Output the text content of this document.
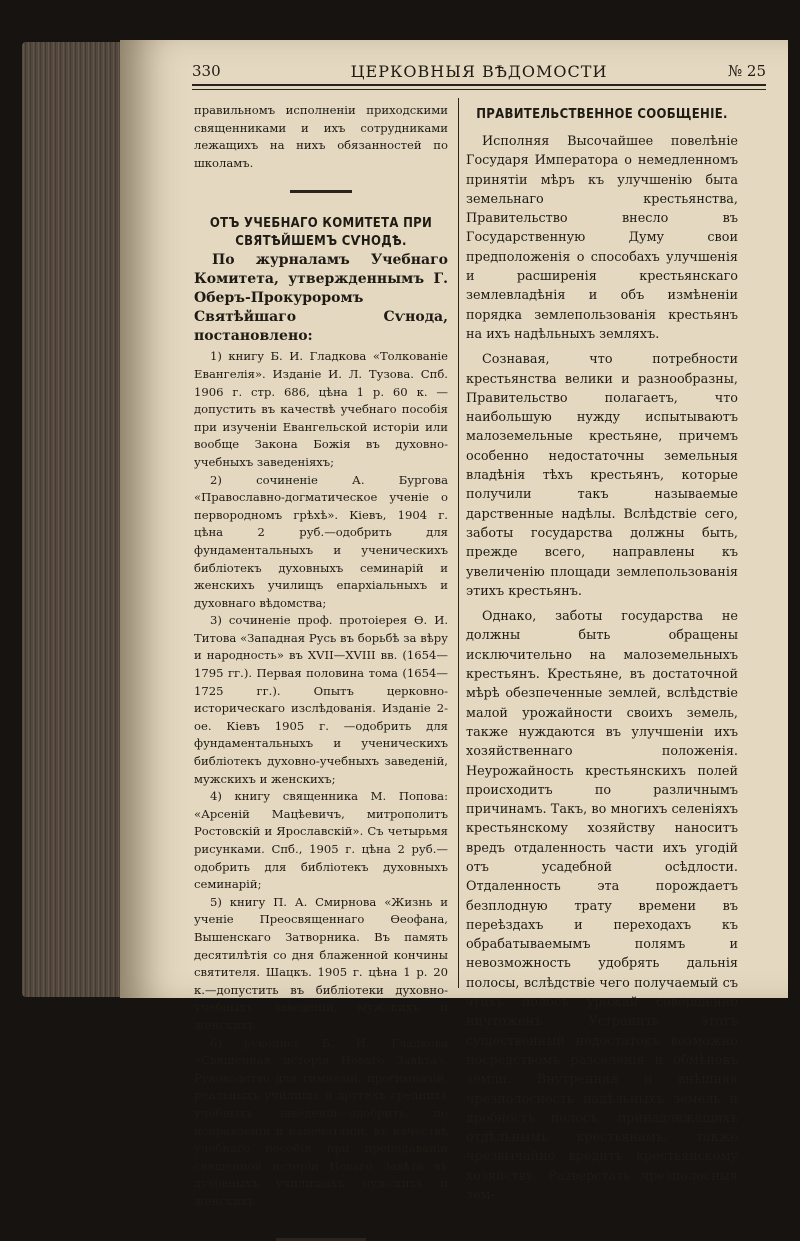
330	ЦЕРКОВНЫЯ ВѢДОМОСТИ	№ 25

правильномъ исполненіи приходскими священниками и ихъ сотрудниками лежащихъ на нихъ обязанностей по школамъ.

ОТЪ УЧЕБНАГО КОМИТЕТА ПРИ СВЯТѢЙШЕМЪ СѴНОДѢ.

По журналамъ Учебнаго Комитета, утвержденнымъ Г. Оберъ-Прокуроромъ Святѣйшаго Сѵнода, постановлено:

1) книгу Б. И. Гладкова «Толкованіе Евангелія». Изданіе И. Л. Тузова. Спб. 1906 г. стр. 686, цѣна 1 р. 60 к. — допустить въ качествѣ учебнаго пособія при изученіи Евангельской исторіи или вообще Закона Божія въ духовно-учебныхъ заведеніяхъ;

2) сочиненіе А. Бургова «Православно-догматическое ученіе о первородномъ грѣхѣ». Кіевъ, 1904 г. цѣна 2 руб.—одобрить для фундаментальныхъ и ученическихъ библіотекъ духовныхъ семинарій и женскихъ училищъ епархіальныхъ и духовнаго вѣдомства;

3) сочиненіе проф. протоіерея Ѳ. И. Титова «Западная Русь въ борьбѣ за вѣру и народность» въ XVII—XVIII вв. (1654—1795 гг.). Первая половина тома (1654—1725 гг.). Опытъ церковно-историческаго изслѣдованія. Изданіе 2-ое. Кіевъ 1905 г. —одобрить для фундаментальныхъ и ученическихъ библіотекъ духовно-учебныхъ заведеній, мужскихъ и женскихъ;

4) книгу священника М. Попова: «Арсеній Мацѣевичъ, митрополитъ Ростовскій и Ярославскій». Съ четырьмя рисунками. Спб., 1905 г. цѣна 2 руб.—одобрить для библіотекъ духовныхъ семинарій;

5) книгу П. А. Смирнова «Жизнь и ученіе Преосвященнаго Ѳеофана, Вышенскаго Затворника. Въ память десятилѣтія со дня блаженной кончины святителя. Шацкъ. 1905 г. цѣна 1 р. 20 к.—допустить въ библіотеки духовно-учебныхъ заведеній, мужскихъ и женскихъ.

6) рукопись Б. И. Гладкова «Священная исторія Новаго Завѣта». Руководство для гимназій, прогимназій, реальныхъ училищъ и другихъ среднихъ учебныхъ заведеній—одобрить, по исправленіи и напечатаніи, въ качествѣ учебнаго пособія при преподаваніи священной исторіи Новаго Завѣта въ духовныхъ училищахъ мужскихъ и женскихъ.

ПРАВИТЕЛЬСТВЕННОЕ СООБЩЕНІЕ.

Исполняя Высочайшее повелѣніе Государя Императора о немедленномъ принятіи мѣръ къ улучшенію быта земельнаго крестьянства, Правительство внесло въ Государственную Думу свои предположенія о способахъ улучшенія и расширенія крестьянскаго землевладѣнія и объ измѣненіи порядка землепользованія крестьянъ на ихъ надѣльныхъ земляхъ.

Сознавая, что потребности крестьянства велики и разнообразны, Правительство полагаетъ, что наибольшую нужду испытываютъ малоземельные крестьяне, причемъ особенно недостаточны земельныя владѣнія тѣхъ крестьянъ, которые получили такъ называемые дарственные надѣлы. Вслѣдствіе сего, заботы государства должны быть, прежде всего, направлены къ увеличенію площади землепользованія этихъ крестьянъ.

Однако, заботы государства не должны быть обращены исключительно на малоземельныхъ крестьянъ. Крестьяне, въ достаточной мѣрѣ обезпеченные землей, вслѣдствіе малой урожайности своихъ земель, также нуждаются въ улучшеніи ихъ хозяйственнаго положенія. Неурожайность крестьянскихъ полей происходитъ по различнымъ причинамъ. Такъ, во многихъ селеніяхъ крестьянскому хозяйству наноситъ вредъ отдаленность части ихъ угодій отъ усадебной осѣдлости. Отдаленность эта порождаетъ безплодную трату времени въ переѣздахъ и переходахъ къ обрабатываемымъ полямъ и невозможность удобрять дальнія полосы, вслѣдствіе чего получаемый съ этихъ полосъ урожай совершенно ничтоженъ. Устранить этотъ существенный недостатокъ возможно посредствомъ разселенія и обмѣновъ земли. Внутренняя и внѣшняя чрезполосность надѣльныхъ земель и дробность полосъ, принадлежащихъ отдѣльнымъ крестьянамъ, также чрезвычайно вредитъ крестьянскому хозяйству. Разверстать чрезполосныя зем-
